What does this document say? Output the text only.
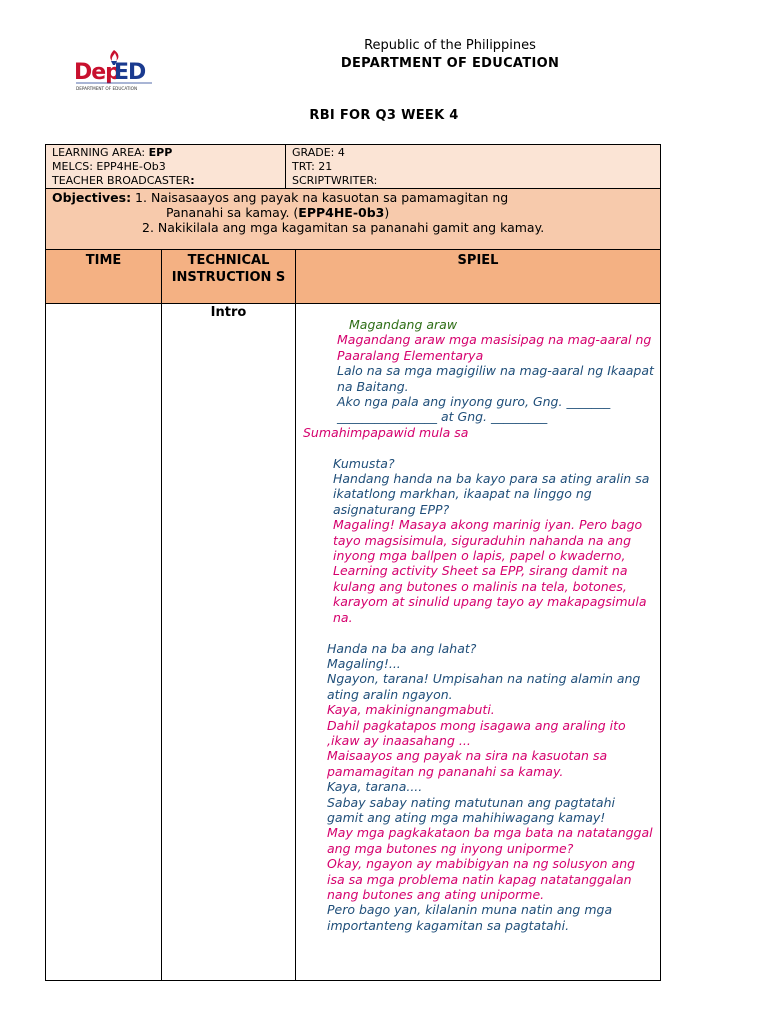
Dep
ED
DEPARTMENT OF EDUCATION
Republic of the Philippines
DEPARTMENT OF EDUCATION
RBI FOR Q3 WEEK 4
LEARNING AREA: EPP
MELCS: EPP4HE-Ob3
TEACHER BROADCASTER:
GRADE: 4
TRT: 21
SCRIPTWRITER:
Objectives: 1. Naisasaayos ang payak na kasuotan sa pamamagitan ng
Pananahi sa kamay. (EPP4HE-0b3)
2. Nakikilala ang mga kagamitan sa pananahi gamit ang kamay.
TIME	TECHNICAL INSTRUCTION S
SPIEL
Intro

Magandang araw

Magandang araw mga masisipag na mag-aaral ng Paaralang Elementarya

Lalo na sa mga magigiliw na mag-aaral ng Ikaapat na Baitang.

Ako nga pala ang inyong guro, Gng. _______ ________________ at Gng. _________

Sumahimpapawid mula sa

Kumusta?

Handang handa na ba kayo para sa ating aralin sa ikatatlong markhan, ikaapat na linggo ng asignaturang EPP?

Magaling! Masaya akong marinig iyan. Pero bago tayo magsisimula, siguraduhin nahanda na ang inyong mga ballpen o lapis, papel o kwaderno, Learning activity Sheet sa EPP, sirang damit na kulang ang butones o malinis na tela, botones, karayom at sinulid upang tayo ay makapagsimula na.

Handa na ba ang lahat?

Magaling!...

Ngayon, tarana! Umpisahan na nating alamin ang ating aralin ngayon.

Kaya, makinignangmabuti.

Dahil pagkatapos mong isagawa ang araling ito ,ikaw ay inaasahang ...

Maisaayos ang payak na sira na kasuotan sa pamamagitan ng pananahi sa kamay.

Kaya, tarana....

Sabay sabay nating matutunan ang pagtatahi gamit ang ating mga mahihiwagang kamay!

May mga pagkakataon ba mga bata na natatanggal ang mga butones ng inyong uniporme?

Okay, ngayon ay mabibigyan na ng solusyon ang isa sa mga problema natin kapag natatanggalan nang butones ang ating uniporme.

Pero bago yan, kilalanin muna natin ang mga importanteng kagamitan sa pagtatahi.
